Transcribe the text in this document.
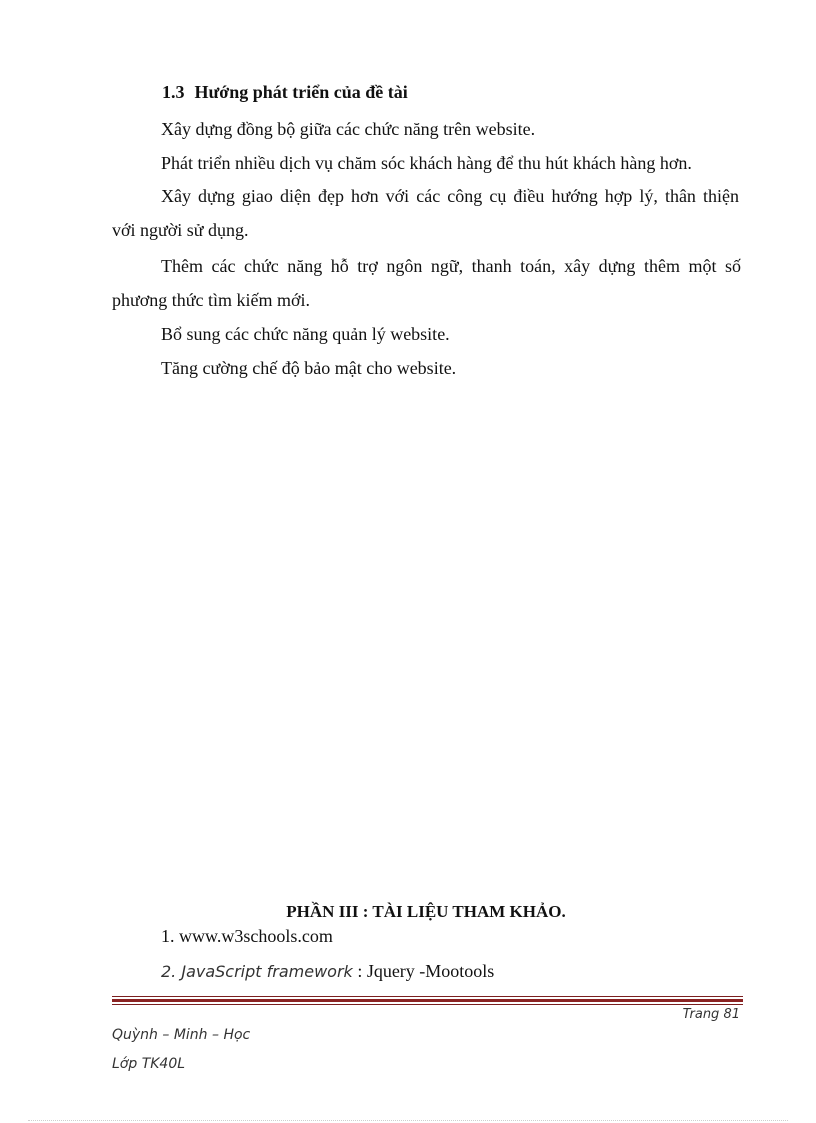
1.3 Hướng phát triển của đề tài
Xây dựng đồng bộ giữa các chức năng trên website.
Phát triển nhiều dịch vụ chăm sóc khách hàng để thu hút khách hàng hơn.
Xây dựng giao diện đẹp hơn với các công cụ điều hướng hợp lý, thân thiện
với người sử dụng.
Thêm các chức năng hỗ trợ ngôn ngữ, thanh toán, xây dựng thêm một số
phương thức tìm kiếm mới.
Bổ sung các chức năng quản lý website.
Tăng cường chế độ bảo mật cho website.
PHẦN III : TÀI LIỆU THAM KHẢO.
1. www.w3schools.com
2. JavaScript framework : Jquery -Mootools
Trang 81
Quỳnh – Minh – Học
Lớp TK40L
